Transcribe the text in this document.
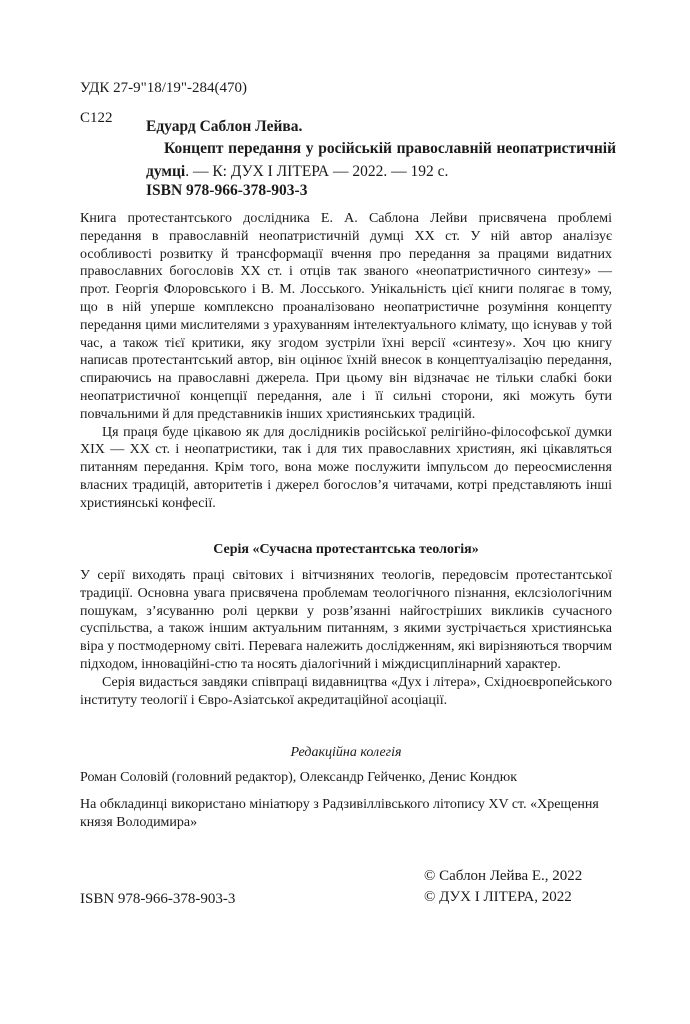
УДК 27-9"18/19"-284(470)
С122 Едуард Саблон Лейва.
Концепт передання у російській православній неопатристичній думці. — К: ДУХ І ЛІТЕРА — 2022. — 192 с.
ISBN 978-966-378-903-3

Книга протестантського дослідника Е. А. Саблона Лейви присвячена проблемі передання в православній неопатристичній думці XX ст. У ній автор аналізує особливості розвитку й трансформації вчення про передання за працями видатних православних богословів XX ст. і отців так званого «неопатристичного синтезу» — прот. Георгія Флоровського і В. М. Лосського. Унікальність цієї книги полягає в тому, що в ній уперше комплексно проаналізовано неопатристичне розуміння концепту передання цими мислителями з урахуванням інтелектуального клімату, що існував у той час, а також тієї критики, яку згодом зустріли їхні версії «синтезу». Хоч цю книгу написав протестантський автор, він оцінює їхній внесок в концептуалізацію передання, спираючись на православні джерела. При цьому він відзначає не тільки слабкі боки неопатристичної концепції передання, але і її сильні сторони, які можуть бути повчальними й для представників інших християнських традицій.

Ця праця буде цікавою як для дослідників російської релігійно-філософської думки XIX — XX ст. і неопатристики, так і для тих православних християн, які цікавляться питанням передання. Крім того, вона може послужити імпульсом до переосмислення власних традицій, авторитетів і джерел богослов’я читачами, котрі представляють інші християнські конфесії.

Серія «Сучасна протестантська теологія»

У серії виходять праці світових і вітчизняних теологів, передовсім протестантської традиції. Основна увага присвячена проблемам теологічного пізнання, еклсзіологічним пошукам, з’ясуванню ролі церкви у розв’язанні найгостріших викликів сучасного суспільства, а також іншим актуальним питанням, з якими зустрічається християнська віра у постмодерному світі. Перевага належить дослідженням, які вирізняються творчим підходом, інноваційні-стю та носять діалогічний і міждисциплінарний характер.

Серія видасться завдяки співпраці видавництва «Дух і літера», Східноєвропейського інституту теології і Євро-Азіатської акредитаційної асоціації.

Редакційна колегія
Роман Соловій (головний редактор), Олександр Гейченко, Денис Кондюк
На обкладинці використано мініатюру з Радзивіллівського літопису XV ст. «Хрещення князя Володимира»
© Саблон Лейва Е., 2022
© ДУХ І ЛІТЕРА, 2022
ISBN 978-966-378-903-3
